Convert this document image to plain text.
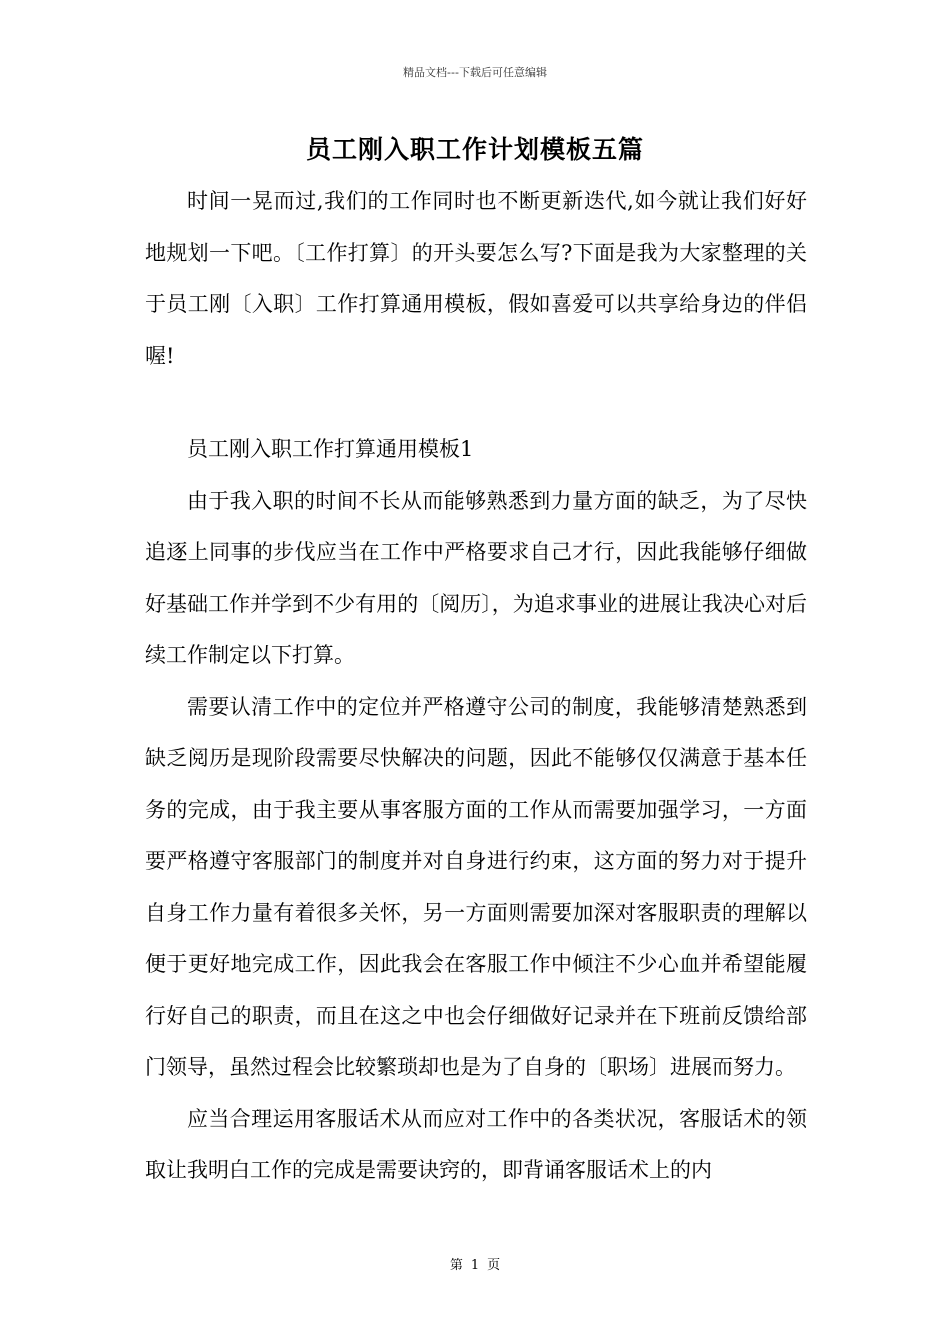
精品文档---下载后可任意编辑
员工刚入职工作计划模板五篇

时间一晃而过,我们的工作同时也不断更新迭代,如今就让我们好好地规划一下吧。〔工作打算〕的开头要怎么写?下面是我为大家整理的关于员工刚〔入职〕工作打算通用模板，假如喜爱可以共享给身边的伴侣喔!

员工刚入职工作打算通用模板1

由于我入职的时间不长从而能够熟悉到力量方面的缺乏，为了尽快追逐上同事的步伐应当在工作中严格要求自己才行，因此我能够仔细做好基础工作并学到不少有用的〔阅历〕，为追求事业的进展让我决心对后续工作制定以下打算。

需要认清工作中的定位并严格遵守公司的制度，我能够清楚熟悉到缺乏阅历是现阶段需要尽快解决的问题，因此不能够仅仅满意于基本任务的完成，由于我主要从事客服方面的工作从而需要加强学习，一方面要严格遵守客服部门的制度并对自身进行约束，这方面的努力对于提升自身工作力量有着很多关怀，另一方面则需要加深对客服职责的理解以便于更好地完成工作，因此我会在客服工作中倾注不少心血并希望能履行好自己的职责，而且在这之中也会仔细做好记录并在下班前反馈给部门领导，虽然过程会比较繁琐却也是为了自身的〔职场〕进展而努力。

应当合理运用客服话术从而应对工作中的各类状况，客服话术的领取让我明白工作的完成是需要诀窍的，即背诵客服话术上的内

第 1 页
